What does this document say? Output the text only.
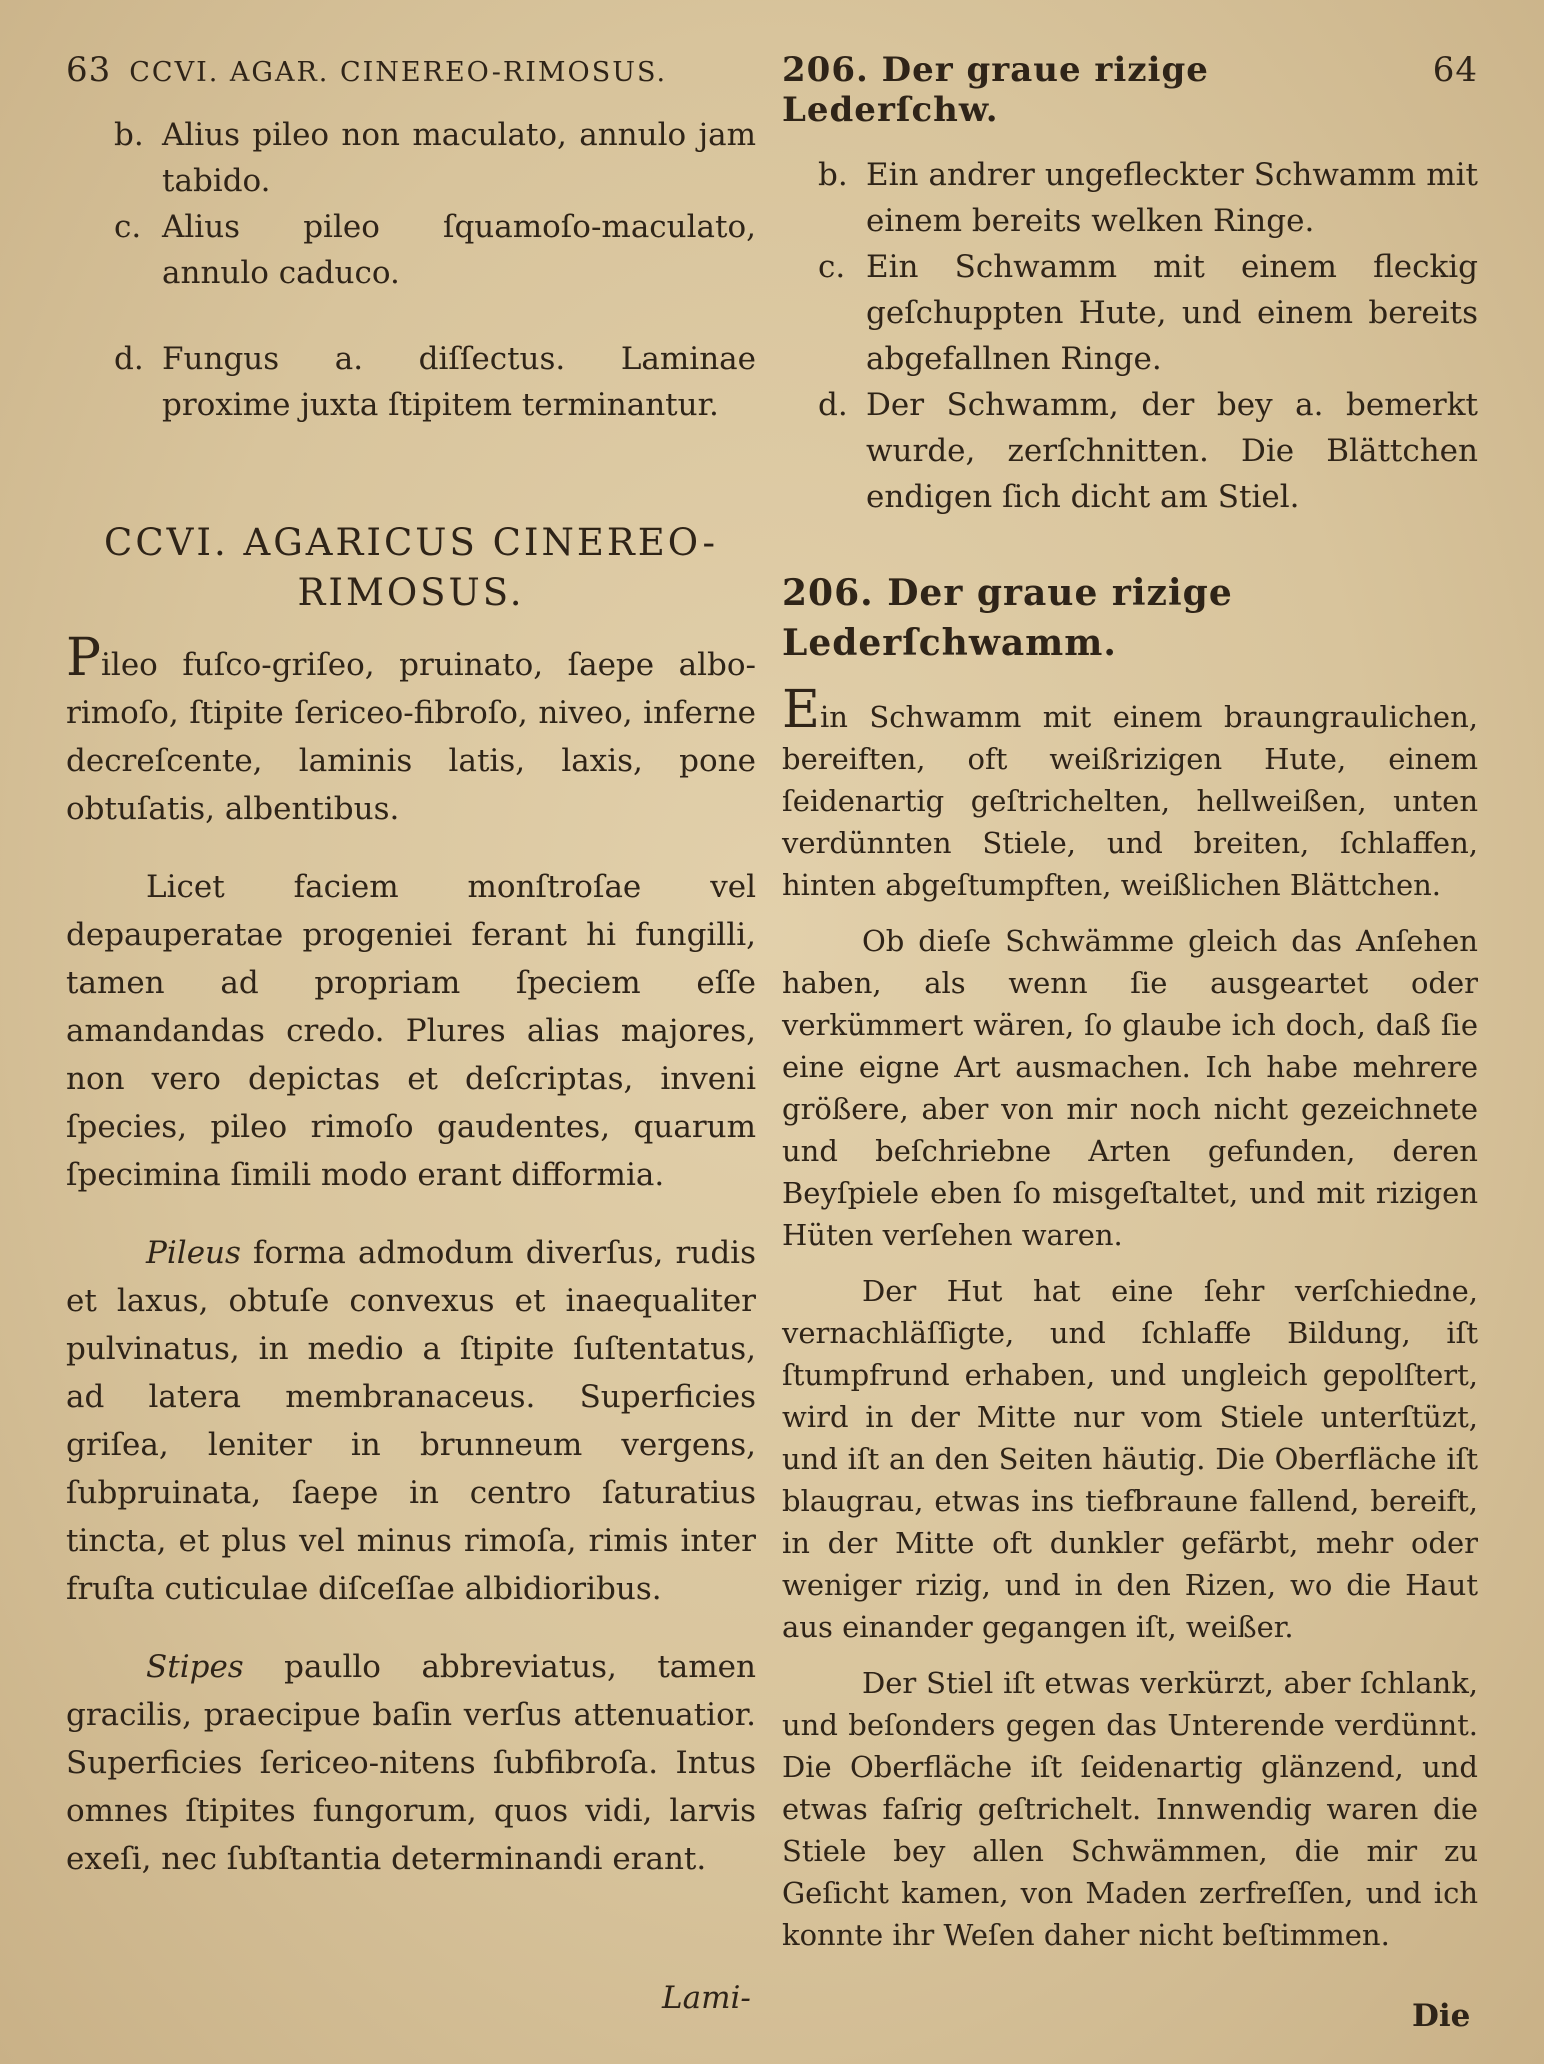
63 CCVI. AGAR. CINEREO-RIMOSUS.
b. Alius pileo non maculato, annulo jam tabido.
c. Alius pileo ſquamoſo-maculato, annulo caduco.
d. Fungus a. diſſectus. Laminae proxime juxta ſtipitem terminantur.
CCVI. AGARICUS CINEREO-RIMOSUS.
Pileo fuſco-griſeo, pruinato, ſaepe albo-rimoſo, ſtipite ſericeo-fibroſo, niveo, inferne decreſcente, laminis latis, laxis, pone obtuſatis, albentibus.
Licet faciem monſtroſae vel depauperatae progeniei ferant hi fungilli, tamen ad propriam ſpeciem eſſe amandandas credo. Plures alias majores, non vero depictas et deſcriptas, inveni ſpecies, pileo rimoſo gaudentes, quarum ſpecimina ſimili modo erant difformia.
Pileus forma admodum diverſus, rudis et laxus, obtuſe convexus et inaequaliter pulvinatus, in medio a ſtipite ſuſtentatus, ad latera membranaceus. Superficies griſea, leniter in brunneum vergens, ſubpruinata, ſaepe in centro ſaturatius tincta, et plus vel minus rimoſa, rimis inter fruſta cuticulae diſceſſae albidioribus.
Stipes paullo abbreviatus, tamen gracilis, praecipue baſin verſus attenuatior. Superficies ſericeo-nitens ſubfibroſa. Intus omnes ſtipites fungorum, quos vidi, larvis exeſi, nec ſubſtantia determinandi erant.
Lami-
206. Der graue rizige Lederſchw.
64
b. Ein andrer ungefleckter Schwamm mit einem bereits welken Ringe.
c. Ein Schwamm mit einem fleckig geſchuppten Hute, und einem bereits abgefallnen Ringe.
d. Der Schwamm, der bey a. bemerkt wurde, zerſchnitten. Die Blättchen endigen ſich dicht am Stiel.
206. Der graue rizige Lederſchwamm.
Ein Schwamm mit einem braungraulichen, bereiften, oft weißrizigen Hute, einem ſeidenartig geſtrichelten, hellweißen, unten verdünnten Stiele, und breiten, ſchlaffen, hinten abgeſtumpften, weißlichen Blättchen.
Ob dieſe Schwämme gleich das Anſehen haben, als wenn ſie ausgeartet oder verkümmert wären, ſo glaube ich doch, daß ſie eine eigne Art ausmachen. Ich habe mehrere größere, aber von mir noch nicht gezeichnete und beſchriebne Arten gefunden, deren Beyſpiele eben ſo misgeſtaltet, und mit rizigen Hüten verſehen waren.
Der Hut hat eine ſehr verſchiedne, vernachläſſigte, und ſchlaffe Bildung, iſt ſtumpfrund erhaben, und ungleich gepolſtert, wird in der Mitte nur vom Stiele unterſtüzt, und iſt an den Seiten häutig. Die Oberfläche iſt blaugrau, etwas ins tiefbraune fallend, bereift, in der Mitte oft dunkler gefärbt, mehr oder weniger rizig, und in den Rizen, wo die Haut aus einander gegangen iſt, weißer.
Der Stiel iſt etwas verkürzt, aber ſchlank, und beſonders gegen das Unterende verdünnt. Die Oberfläche iſt ſeidenartig glänzend, und etwas faſrig geſtrichelt. Innwendig waren die Stiele bey allen Schwämmen, die mir zu Geſicht kamen, von Maden zerfreſſen, und ich konnte ihr Weſen daher nicht beſtimmen.
Die
